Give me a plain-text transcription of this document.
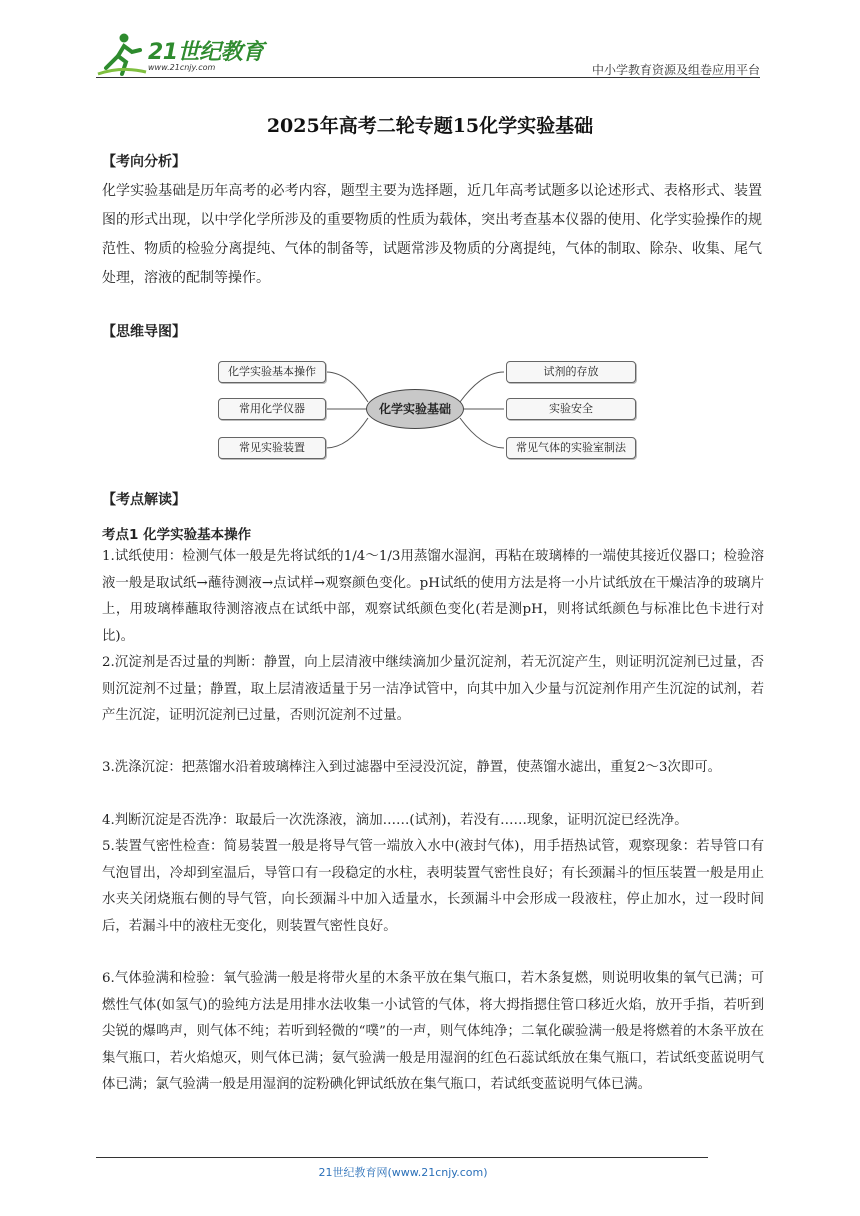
21世纪教育
www.21cnjy.com	中小学教育资源及组卷应用平台
2025年高考二轮专题15化学实验基础
【考向分析】

化学实验基础是历年高考的必考内容，题型主要为选择题，近几年高考试题多以论述形式、表格形式、装置图的形式出现，以中学化学所涉及的重要物质的性质为载体，突出考查基本仪器的使用、化学实验操作的规范性、物质的检验分离提纯、气体的制备等，试题常涉及物质的分离提纯，气体的制取、除杂、收集、尾气处理，溶液的配制等操作。

【思维导图】
化学实验基本操作
常用化学仪器
常见实验装置
化学实验基础
试剂的存放
实验安全
常见气体的实验室制法
【考点解读】
考点1 化学实验基本操作

1.试纸使用：检测气体一般是先将试纸的1/4～1/3用蒸馏水湿润，再粘在玻璃棒的一端使其接近仪器口；检验溶液一般是取试纸→蘸待测液→点试样→观察颜色变化。pH试纸的使用方法是将一小片试纸放在干燥洁净的玻璃片上，用玻璃棒蘸取待测溶液点在试纸中部，观察试纸颜色变化(若是测pH，则将试纸颜色与标准比色卡进行对比)。

2.沉淀剂是否过量的判断：静置，向上层清液中继续滴加少量沉淀剂，若无沉淀产生，则证明沉淀剂已过量，否则沉淀剂不过量；静置，取上层清液适量于另一洁净试管中，向其中加入少量与沉淀剂作用产生沉淀的试剂，若产生沉淀，证明沉淀剂已过量，否则沉淀剂不过量。

3.洗涤沉淀：把蒸馏水沿着玻璃棒注入到过滤器中至浸没沉淀，静置，使蒸馏水滤出，重复2～3次即可。

4.判断沉淀是否洗净：取最后一次洗涤液，滴加……(试剂)，若没有……现象，证明沉淀已经洗净。

5.装置气密性检查：简易装置一般是将导气管一端放入水中(液封气体)，用手捂热试管，观察现象：若导管口有气泡冒出，冷却到室温后，导管口有一段稳定的水柱，表明装置气密性良好；有长颈漏斗的恒压装置一般是用止水夹关闭烧瓶右侧的导气管，向长颈漏斗中加入适量水，长颈漏斗中会形成一段液柱，停止加水，过一段时间后，若漏斗中的液柱无变化，则装置气密性良好。

6.气体验满和检验：氧气验满一般是将带火星的木条平放在集气瓶口，若木条复燃，则说明收集的氧气已满；可燃性气体(如氢气)的验纯方法是用排水法收集一小试管的气体，将大拇指摁住管口移近火焰，放开手指，若听到尖锐的爆鸣声，则气体不纯；若听到轻微的“噗”的一声，则气体纯净；二氧化碳验满一般是将燃着的木条平放在集气瓶口，若火焰熄灭，则气体已满；氨气验满一般是用湿润的红色石蕊试纸放在集气瓶口，若试纸变蓝说明气体已满；氯气验满一般是用湿润的淀粉碘化钾试纸放在集气瓶口，若试纸变蓝说明气体已满。

21世纪教育网(www.21cnjy.com)
